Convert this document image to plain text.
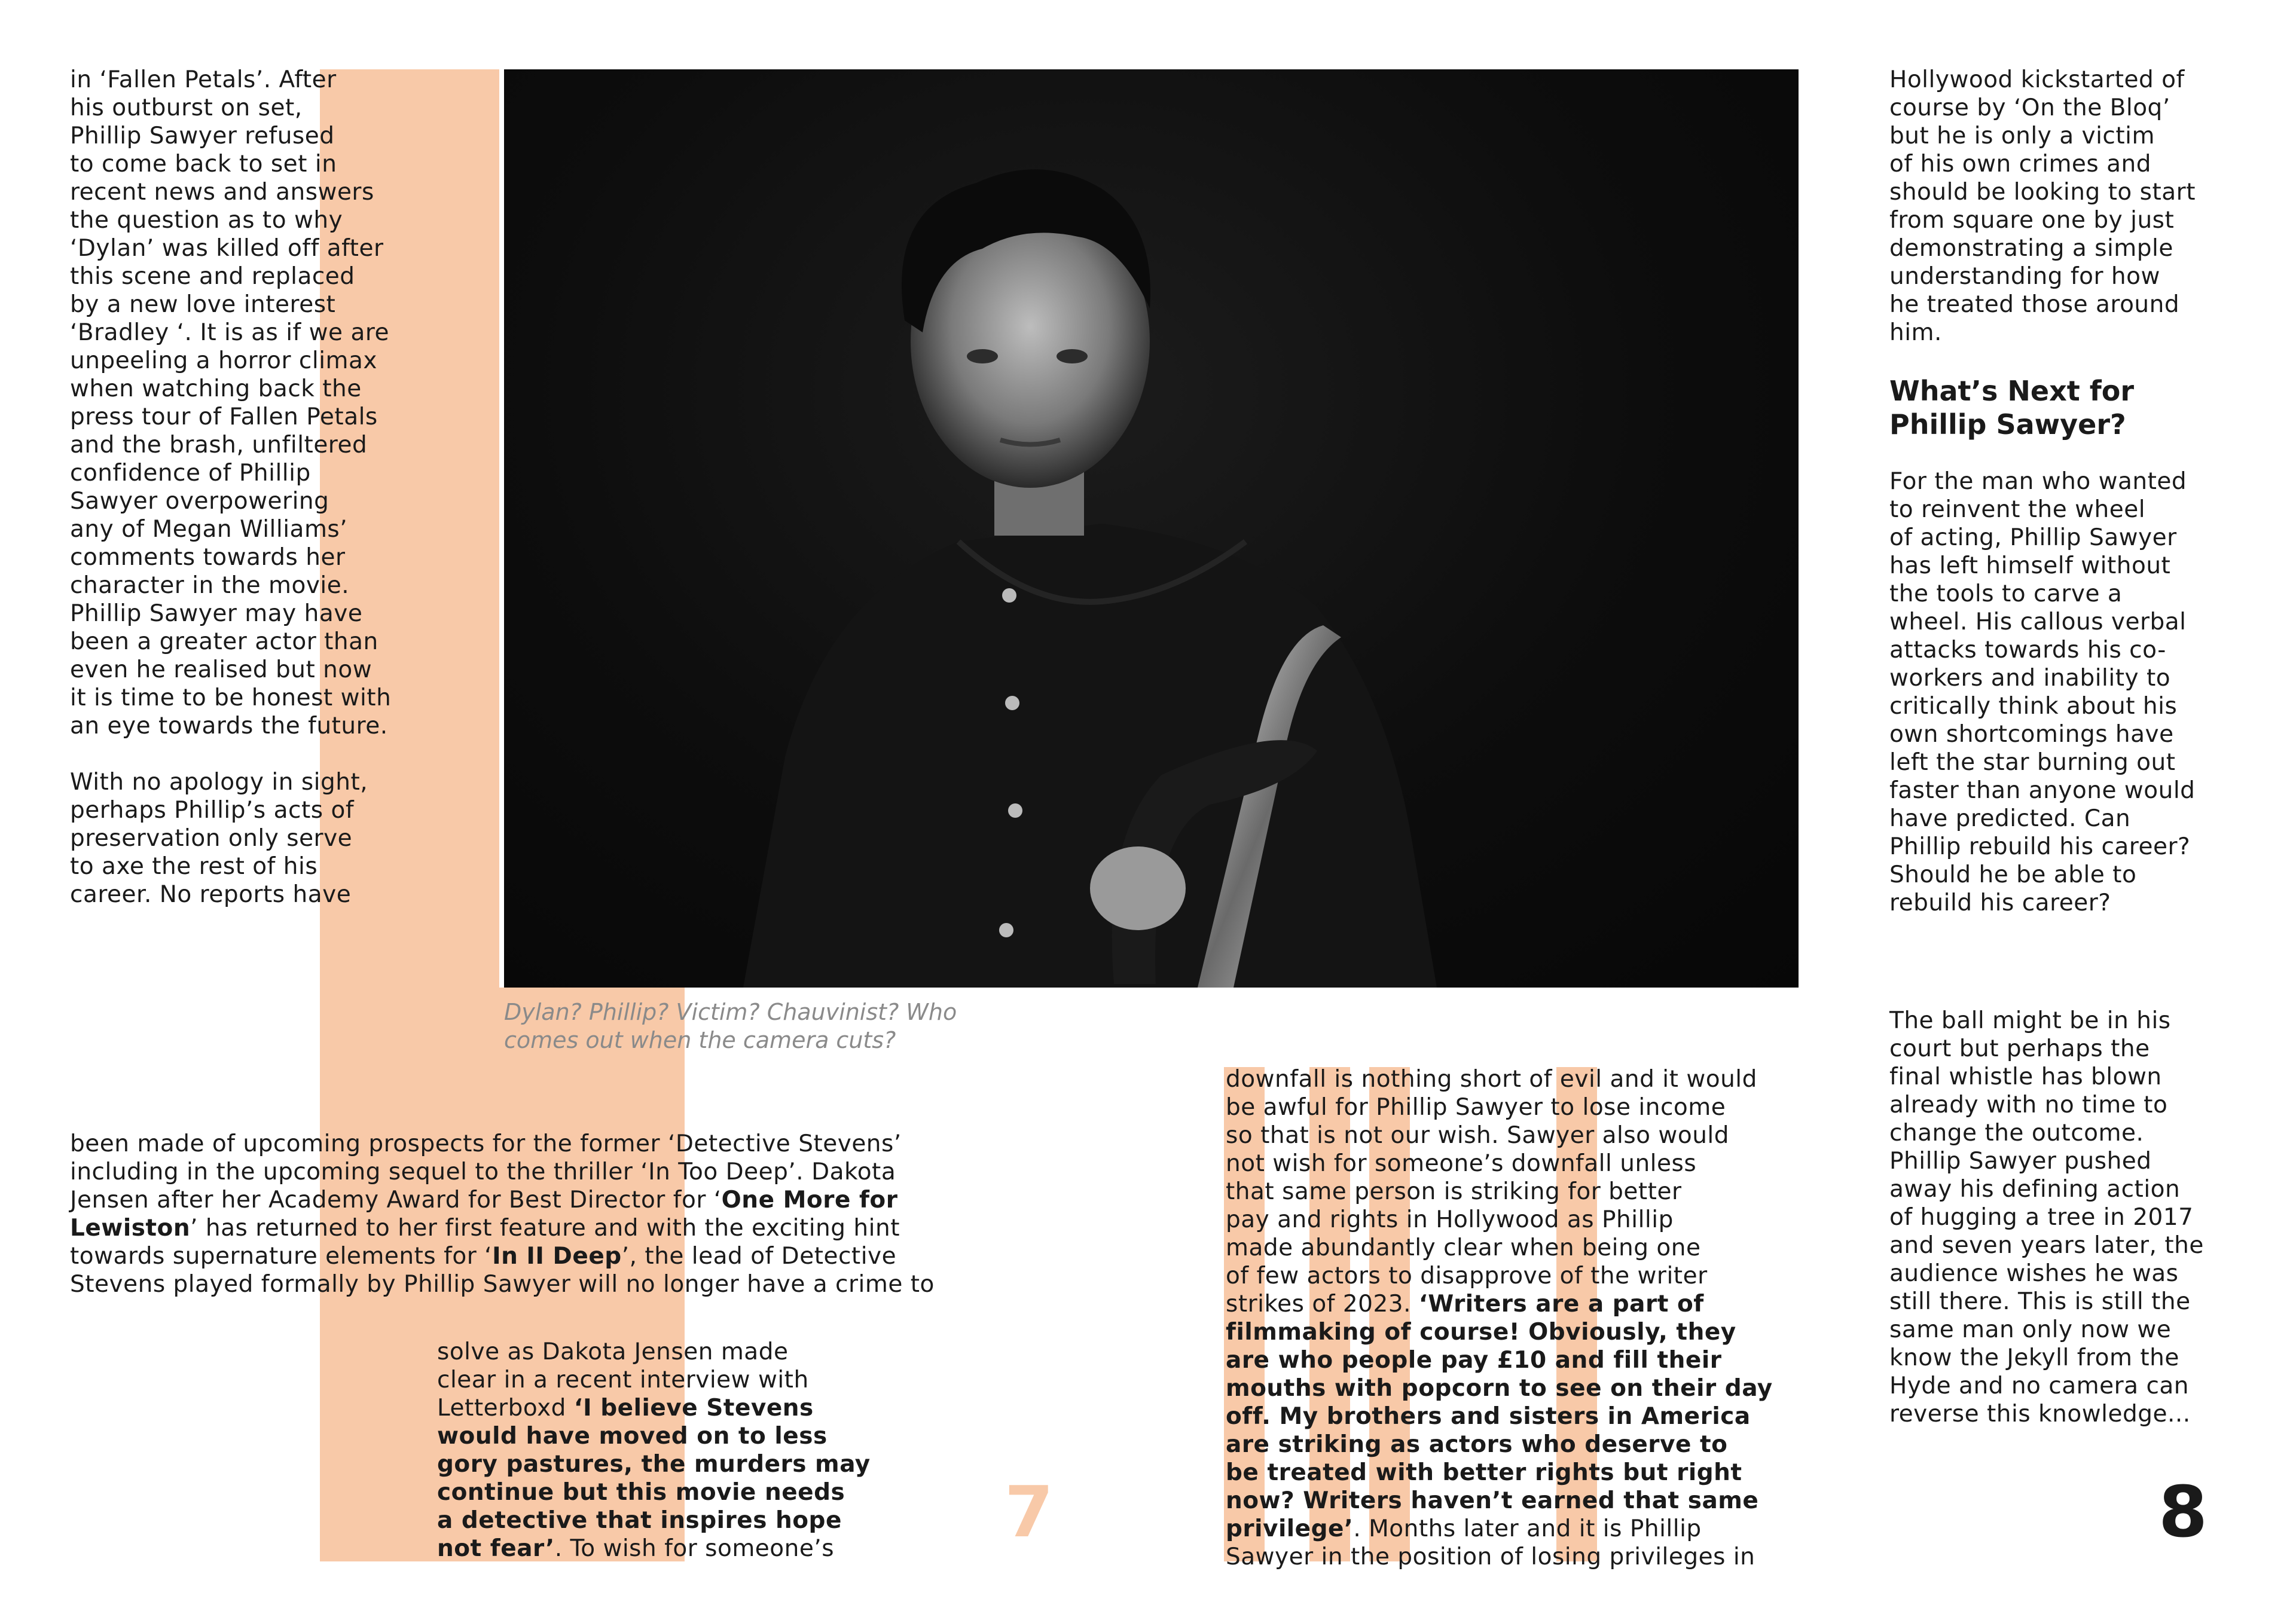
in ‘Fallen Petals’. After
his outburst on set,
Phillip Sawyer refused
to come back to set in
recent news and answers
the question as to why
‘Dylan’ was killed off after
this scene and replaced
by a new love interest
‘Bradley ‘. It is as if we are
unpeeling a horror climax
when watching back the
press tour of Fallen Petals
and the brash, unfiltered
confidence of Phillip
Sawyer overpowering
any of Megan Williams’
comments towards her
character in the movie.
Phillip Sawyer may have
been a greater actor than
even he realised but now
it is time to be honest with
an eye towards the future.

With no apology in sight,
perhaps Phillip’s acts of
preservation only serve
to axe the rest of his
career. No reports have
Dylan? Phillip? Victim? Chauvinist? Who
comes out when the camera cuts?
been made of upcoming prospects for the former ‘Detective Stevens’
including in the upcoming sequel to the thriller ‘In Too Deep’. Dakota
Jensen after her Academy Award for Best Director for ‘One More for
Lewiston’ has returned to her first feature and with the exciting hint
towards supernature elements for ‘In II Deep’, the lead of Detective
Stevens played formally by Phillip Sawyer will no longer have a crime to
solve as Dakota Jensen made
clear in a recent interview with
Letterboxd ‘I believe Stevens
would have moved on to less
gory pastures, the murders may
continue but this movie needs
a detective that inspires hope
not fear’. To wish for someone’s	7
downfall is nothing short of evil and it would
be awful for Phillip Sawyer to lose income
so that is not our wish. Sawyer also would
not wish for someone’s downfall unless
that same person is striking for better
pay and rights in Hollywood as Phillip
made abundantly clear when being one
of few actors to disapprove of the writer
strikes of 2023. ‘Writers are a part of
filmmaking of course! Obviously, they
are who people pay £10 and fill their
mouths with popcorn to see on their day
off. My brothers and sisters in America
are striking as actors who deserve to
be treated with better rights but right
now? Writers haven’t earned that same
privilege’. Months later and it is Phillip
Sawyer in the position of losing privileges in
Hollywood kickstarted of
course by ‘On the Bloq’
but he is only a victim
of his own crimes and
should be looking to start
from square one by just
demonstrating a simple
understanding for how
he treated those around
him.
What’s Next for
Phillip Sawyer?
For the man who wanted
to reinvent the wheel
of acting, Phillip Sawyer
has left himself without
the tools to carve a
wheel. His callous verbal
attacks towards his co-
workers and inability to
critically think about his
own shortcomings have
left the star burning out
faster than anyone would
have predicted. Can
Phillip rebuild his career?
Should he be able to
rebuild his career?
The ball might be in his
court but perhaps the
final whistle has blown
already with no time to
change the outcome.
Phillip Sawyer pushed
away his defining action
of hugging a tree in 2017
and seven years later, the
audience wishes he was
still there. This is still the
same man only now we
know the Jekyll from the
Hyde and no camera can
reverse this knowledge...
8
